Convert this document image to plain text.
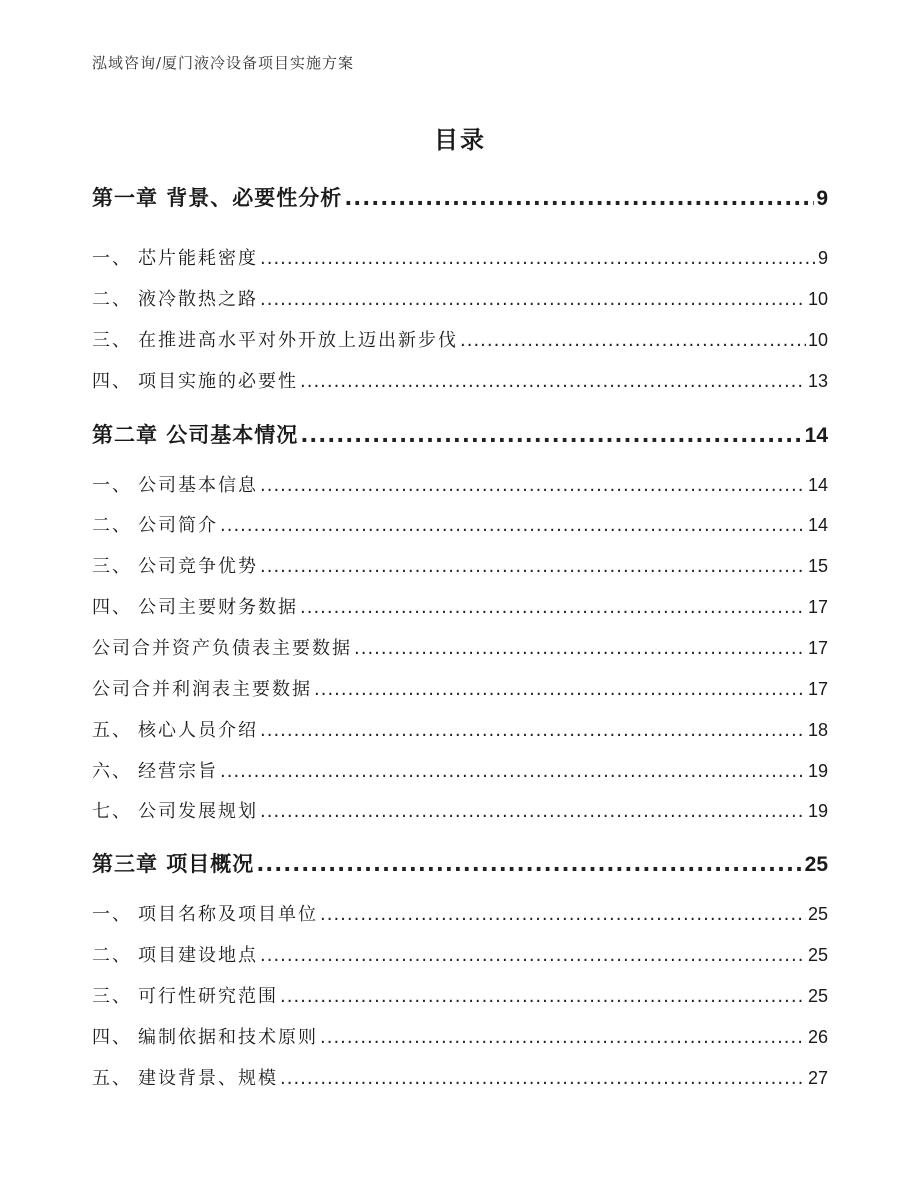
泓域咨询/厦门液冷设备项目实施方案
目录
第一章 背景、必要性分析 .....	9
一、 芯片能耗密度 .....	9
二、 液冷散热之路 .....	10
三、 在推进高水平对外开放上迈出新步伐 .....	10
四、 项目实施的必要性 .....	13
第二章 公司基本情况 .....	14
一、 公司基本信息 .....	14
二、 公司简介 .....	14
三、 公司竞争优势 .....	15
四、 公司主要财务数据 .....	17
公司合并资产负债表主要数据 .....	17
公司合并利润表主要数据 .....	17
五、 核心人员介绍 .....	18
六、 经营宗旨 .....	19
七、 公司发展规划 .....	19
第三章 项目概况 .....	25
一、 项目名称及项目单位 .....	25
二、 项目建设地点 .....	25
三、 可行性研究范围 .....	25
四、 编制依据和技术原则 .....	26
五、 建设背景、规模 .....	27
